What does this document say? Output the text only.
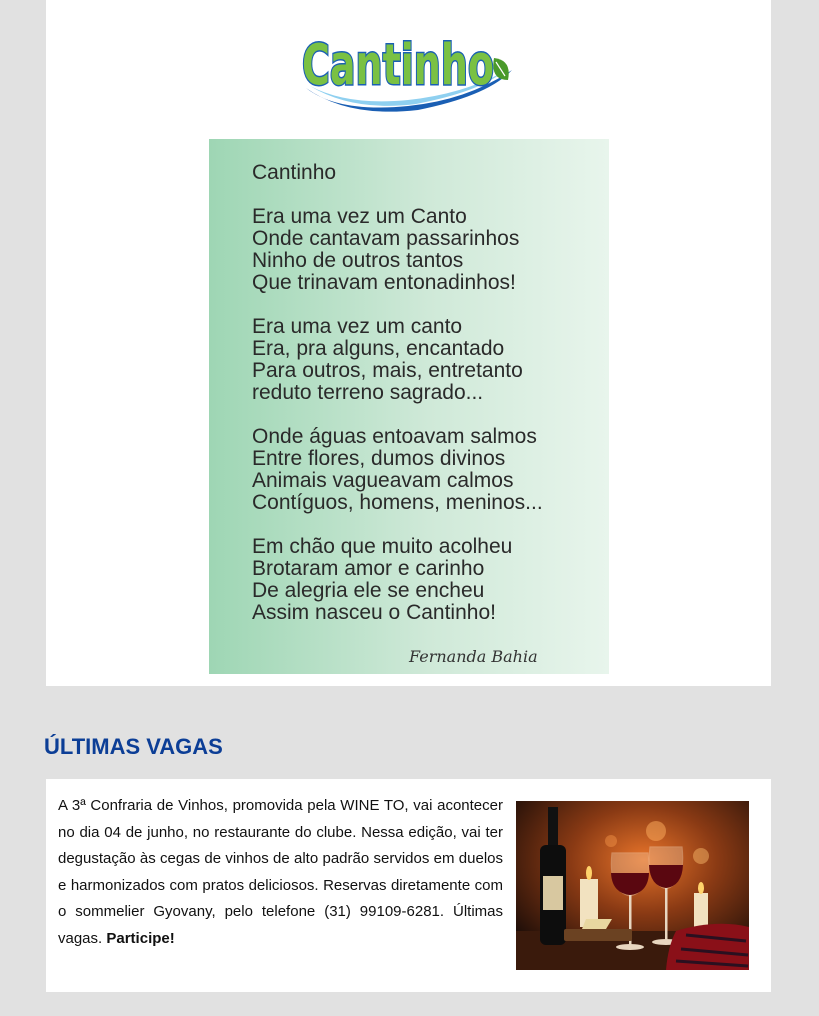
Cantinho
Cantinho
Era uma vez um Canto
Onde cantavam passarinhos
Ninho de outros tantos
Que trinavam entonadinhos!
Era uma vez um canto
Era, pra alguns, encantado
Para outros, mais, entretanto
reduto terreno sagrado...
Onde águas entoavam salmos
Entre flores, dumos divinos
Animais vagueavam calmos
Contíguos, homens, meninos...
Em chão que muito acolheu
Brotaram amor e carinho
De alegria ele se encheu
Assim nasceu o Cantinho!
Fernanda Bahia
ÚLTIMAS VAGAS

A 3ª Confraria de Vinhos, promovida pela WINE TO, vai acontecer no dia 04 de junho, no restaurante do clube. Nessa edição, vai ter degustação às cegas de vinhos de alto padrão servidos em duelos e harmonizados com pratos deliciosos. Reservas diretamente com o sommelier Gyovany, pelo telefone (31) 99109-6281. Últimas vagas. Participe!
